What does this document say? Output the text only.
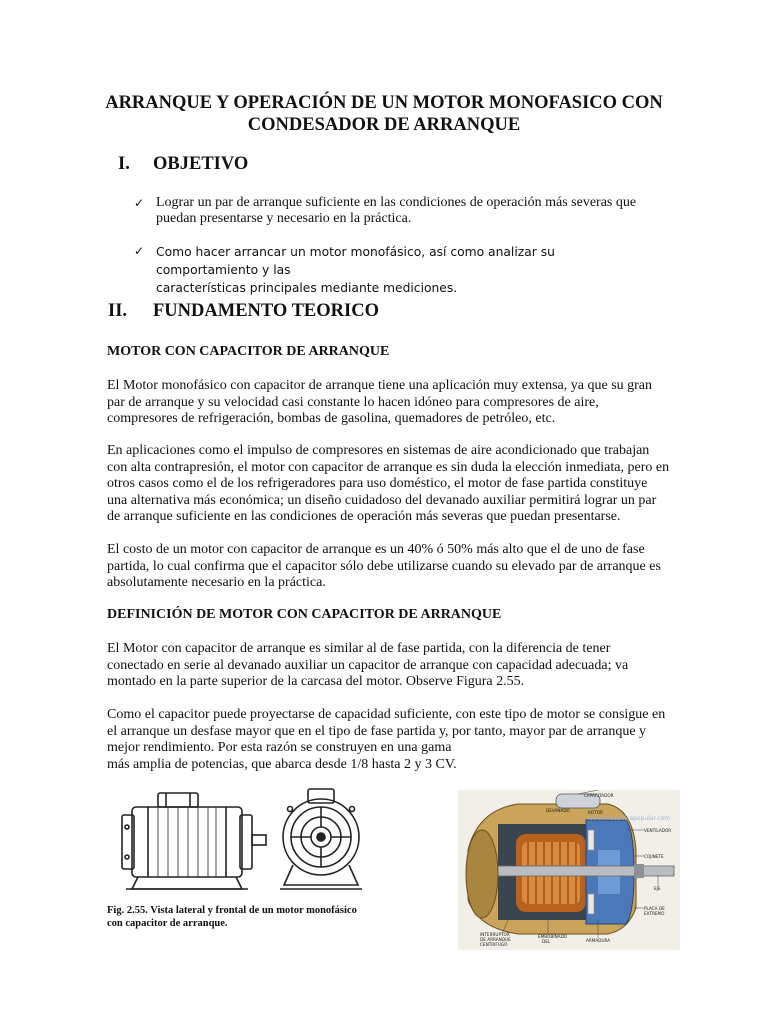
ARRANQUE Y OPERACIÓN DE UN MOTOR MONOFASICO CON
CONDESADOR DE ARRANQUE
I. OBJETIVO
✓ Lograr un par de arranque suficiente en las condiciones de operación más severas que
puedan presentarse y necesario en la práctica.
✓ Como hacer arrancar un motor monofásico, así como analizar su comportamiento y las
características principales mediante mediciones.
II. FUNDAMENTO TEORICO
MOTOR CON CAPACITOR DE ARRANQUE
El Motor monofásico con capacitor de arranque tiene una aplicación muy extensa, ya que su gran
par de arranque y su velocidad casi constante lo hacen idóneo para compresores de aire,
compresores de refrigeración, bombas de gasolina, quemadores de petróleo, etc.
En aplicaciones como el impulso de compresores en sistemas de aire acondicionado que trabajan
con alta contrapresión, el motor con capacitor de arranque es sin duda la elección inmediata, pero en
otros casos como el de los refrigeradores para uso doméstico, el motor de fase partida constituye
una alternativa más económica; un diseño cuidadoso del devanado auxiliar permitirá lograr un par
de arranque suficiente en las condiciones de operación más severas que puedan presentarse.
El costo de un motor con capacitor de arranque es un 40% ó 50% más alto que el de uno de fase
partida, lo cual confirma que el capacitor sólo debe utilizarse cuando su elevado par de arranque es
absolutamente necesario en la práctica.
DEFINICIÓN DE MOTOR CON CAPACITOR DE ARRANQUE
El Motor con capacitor de arranque es similar al de fase partida, con la diferencia de tener
conectado en serie al devanado auxiliar un capacitor de arranque con capacidad adecuada; va
montado en la parte superior de la carcasa del motor. Observe Figura 2.55.
Como el capacitor puede proyectarse de capacidad suficiente, con este tipo de motor se consigue en
el arranque un desfase mayor que en el tipo de fase partida y, por tanto, mayor par de arranque y
mejor rendimiento. Por esta razón se construyen en una gama
más amplia de potencias, que abarca desde 1/8 hasta 2 y 3 CV.
Fig. 2.55. Vista lateral y frontal de un motor monofásico
con capacitor de arranque.
CAPACITADOR
DEVANADO	ROTOR
VENTILADOR
COJINETE
EJE
PLACA DE
EXTREMO
INTERRUPTOR
DE ARRANQUE
CENTRIFUGO
EMBOBINADO
DEL	ARMADURA
www.mecanicapopular.com
